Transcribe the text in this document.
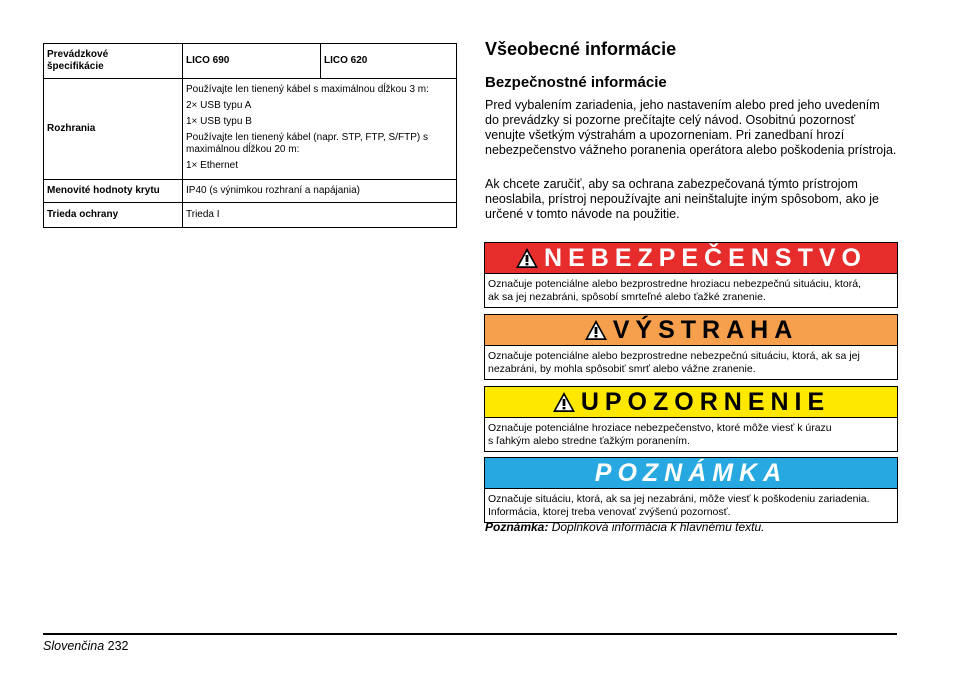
Prevádzkové
špecifikácie	LICO 690	LICO 620
Rozhrania	Používajte len tienený kábel s maximálnou dĺžkou 3 m:
2× USB typu A
1× USB typu B
Používajte len tienený kábel (napr. STP, FTP, S/FTP) s maximálnou dĺžkou 20 m:
1× Ethernet	

Menovité hodnoty krytu	IP40 (s výnimkou rozhraní a napájania)	
Trieda ochrany	Trieda I	
Všeobecné informácie
Bezpečnostné informácie

Pred vybalením zariadenia, jeho nastavením alebo pred jeho uvedením do prevádzky si pozorne prečítajte celý návod. Osobitnú pozornosť venujte všetkým výstrahám a upozorneniam. Pri zanedbaní hrozí nebezpečenstvo vážneho poranenia operátora alebo poškodenia prístroja.

Ak chcete zaručiť, aby sa ochrana zabezpečovaná týmto prístrojom neoslabila, prístroj nepoužívajte ani neinštalujte iným spôsobom, ako je určené v tomto návode na použitie.

NEBEZPEČENSTVO
Označuje potenciálne alebo bezprostredne hroziacu nebezpečnú situáciu, ktorá,
ak sa jej nezabráni, spôsobí smrteľné alebo ťažké zranenie.
VÝSTRAHA
Označuje potenciálne alebo bezprostredne nebezpečnú situáciu, ktorá, ak sa jej
nezabráni, by mohla spôsobiť smrť alebo vážne zranenie.
UPOZORNENIE
Označuje potenciálne hroziace nebezpečenstvo, ktoré môže viesť k úrazu
s ľahkým alebo stredne ťažkým poranením.
POZNÁMKA
Označuje situáciu, ktorá, ak sa jej nezabráni, môže viesť k poškodeniu zariadenia.
Informácia, ktorej treba venovať zvýšenú pozornosť.

Poznámka: Doplnková informácia k hlavnému textu.

Slovenčina 232
